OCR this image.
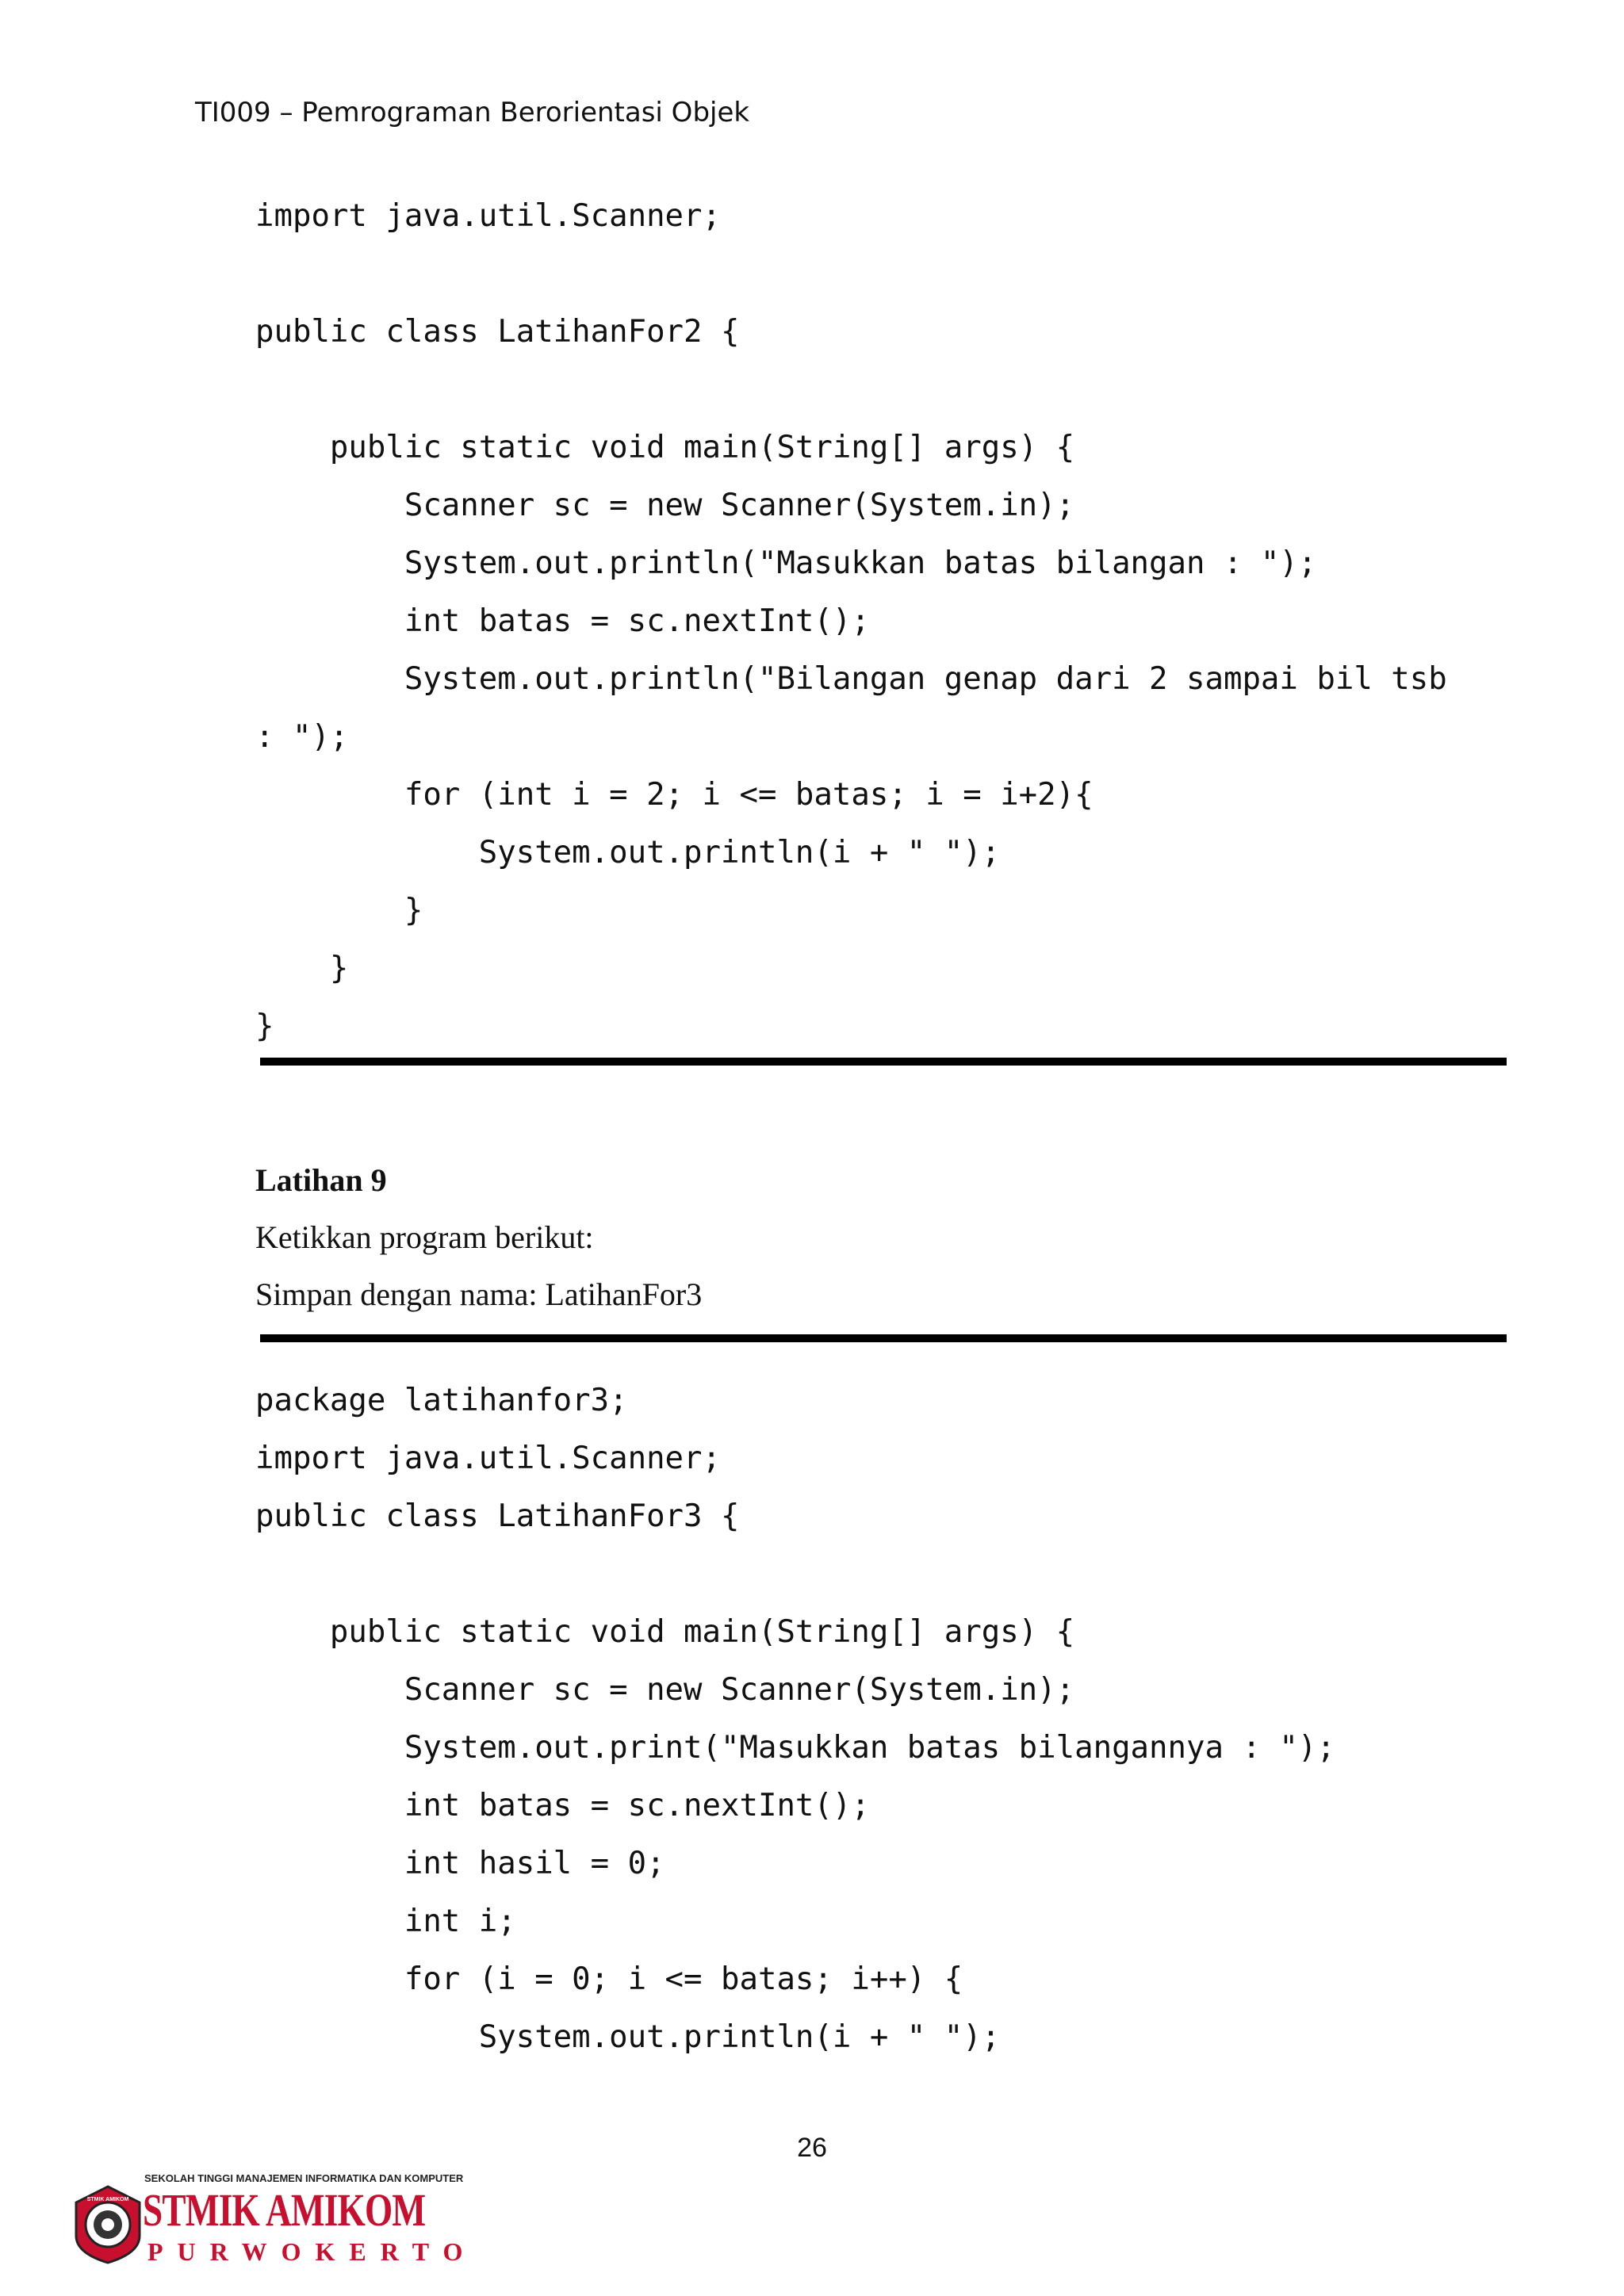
TI009 – Pemrograman Berorientasi Objek
import java.util.Scanner;

public class LatihanFor2 {

public static void main(String[] args) {
Scanner sc = new Scanner(System.in);
System.out.println("Masukkan batas bilangan : ");
int batas = sc.nextInt();
System.out.println("Bilangan genap dari 2 sampai bil tsb
: ");
for (int i = 2; i <= batas; i = i+2){
System.out.println(i + " ");
}
}
}
Latihan 9
Ketikkan program berikut:
Simpan dengan nama: LatihanFor3
package latihanfor3;
import java.util.Scanner;
public class LatihanFor3 {

public static void main(String[] args) {
Scanner sc = new Scanner(System.in);
System.out.print("Masukkan batas bilangannya : ");
int batas = sc.nextInt();
int hasil = 0;
int i;
for (i = 0; i <= batas; i++) {
System.out.println(i + " ");
26
STMIK AMIKOM
SEKOLAH TINGGI MANAJEMEN INFORMATIKA DAN KOMPUTER
STMIK AMIKOM
PURWOKERTO
